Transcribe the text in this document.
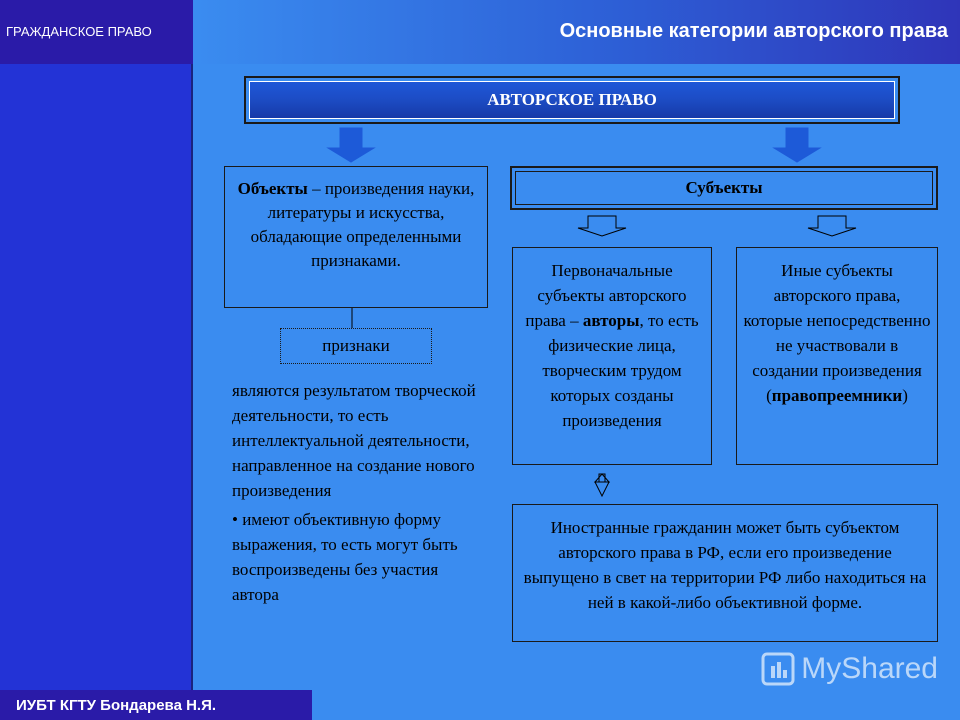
ГРАЖДАНСКОЕ ПРАВО	Основные категории авторского права
АВТОРСКОЕ ПРАВО
Объекты – произведения науки, литературы и искусства, обладающие определенными признаками.
Субъекты
признаки
являются результатом творческой деятельности, то есть интеллектуальной деятельности, направленное на создание нового произведения
• имеют объективную форму выражения, то есть могут быть воспроизведены без участия автора
Первоначальные субъекты авторского права – авторы, то есть физические лица, творческим трудом которых созданы произведения
Иные субъекты авторского права, которые непосредственно не участвовали в создании произведения (правопреемники)
Иностранные гражданин может быть субъектом авторского права в РФ, если его произведение выпущено в свет на территории РФ либо находиться на ней в какой-либо объективной форме.
MyShared
ИУБТ КГТУ Бондарева Н.Я.
